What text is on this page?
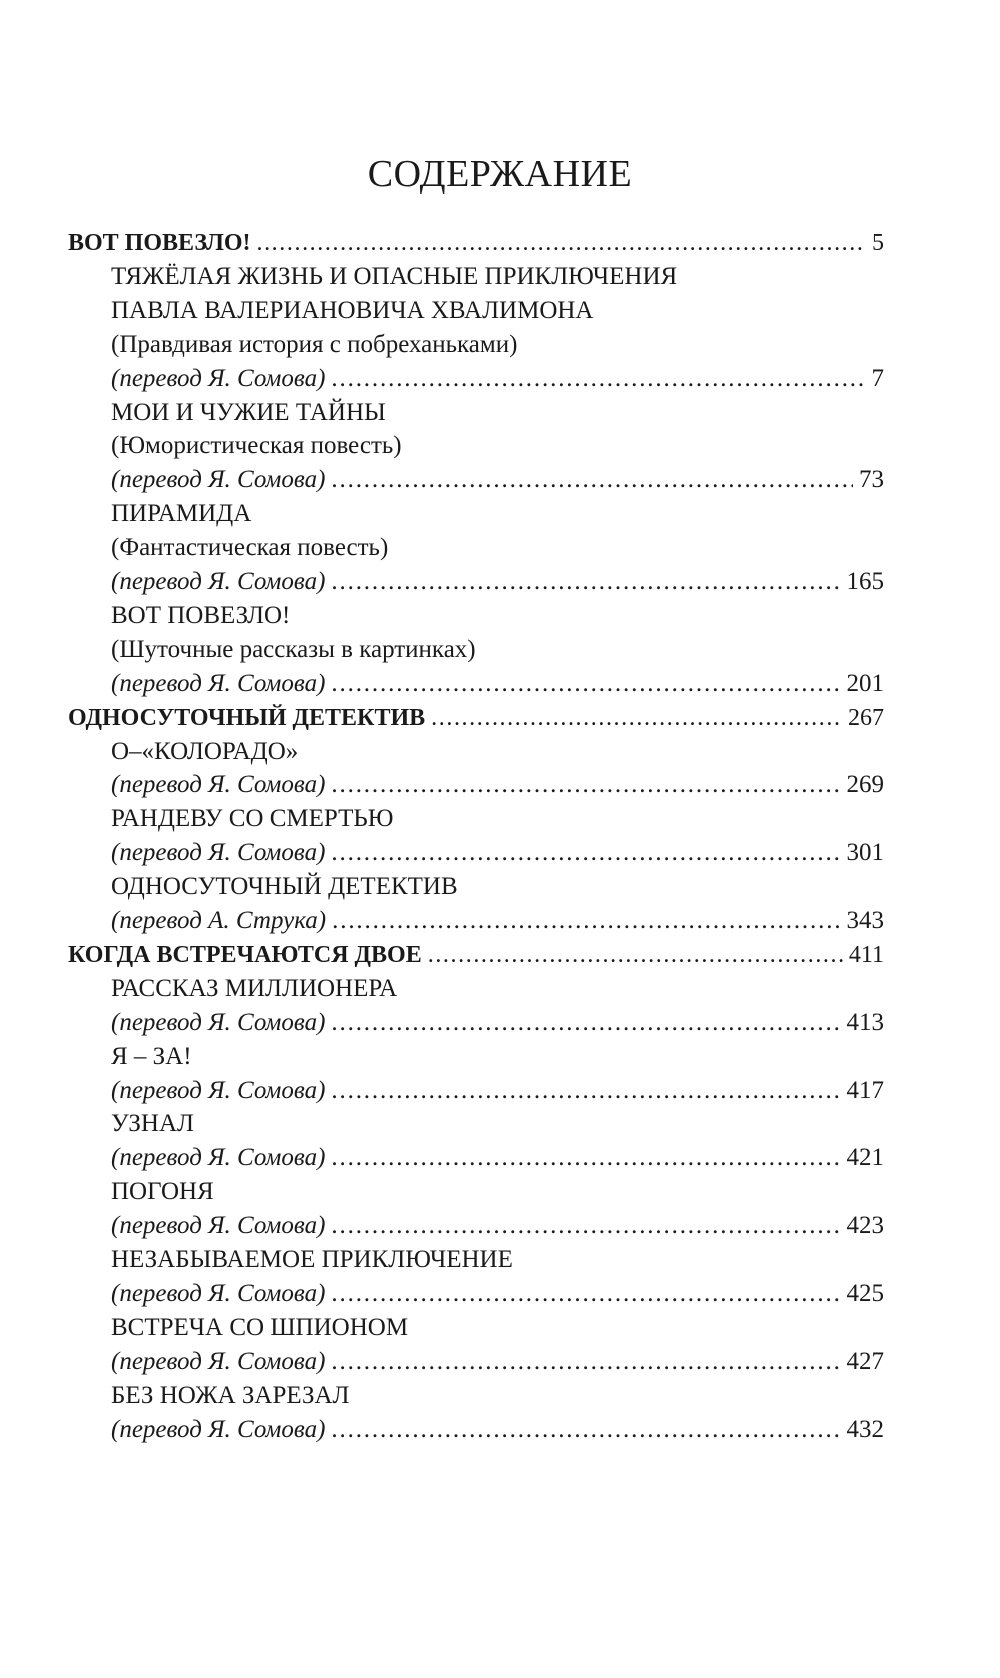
СОДЕРЖАНИЕ
ВОТ ПОВЕЗЛО! . . .	5
ТЯЖЁЛАЯ ЖИЗНЬ И ОПАСНЫЕ ПРИКЛЮЧЕНИЯ
ПАВЛА ВАЛЕРИАНОВИЧА ХВАЛИМОНА
(Правдивая история с побреханьками)
(перевод Я. Сомова) . . .	7
МОИ И ЧУЖИЕ ТАЙНЫ
(Юмористическая повесть)
(перевод Я. Сомова) . . .	73
ПИРАМИДА
(Фантастическая повесть)
(перевод Я. Сомова) . . .	165
ВОТ ПОВЕЗЛО!
(Шуточные рассказы в картинках)
(перевод Я. Сомова) . . .	201
ОДНОСУТОЧНЫЙ ДЕТЕКТИВ . . .	267
О–«КОЛОРАДО»
(перевод Я. Сомова) . . .	269
РАНДЕВУ СО СМЕРТЬЮ
(перевод Я. Сомова) . . .	301
ОДНОСУТОЧНЫЙ ДЕТЕКТИВ
(перевод А. Струка) . . .	343
КОГДА ВСТРЕЧАЮТСЯ ДВОЕ . . .	411
РАССКАЗ МИЛЛИОНЕРА
(перевод Я. Сомова) . . .	413
Я – ЗА!
(перевод Я. Сомова) . . .	417
УЗНАЛ
(перевод Я. Сомова) . . .	421
ПОГОНЯ
(перевод Я. Сомова) . . .	423
НЕЗАБЫВАЕМОЕ ПРИКЛЮЧЕНИЕ
(перевод Я. Сомова) . . .	425
ВСТРЕЧА СО ШПИОНОМ
(перевод Я. Сомова) . . .	427
БЕЗ НОЖА ЗАРЕЗАЛ
(перевод Я. Сомова) . . .	432
